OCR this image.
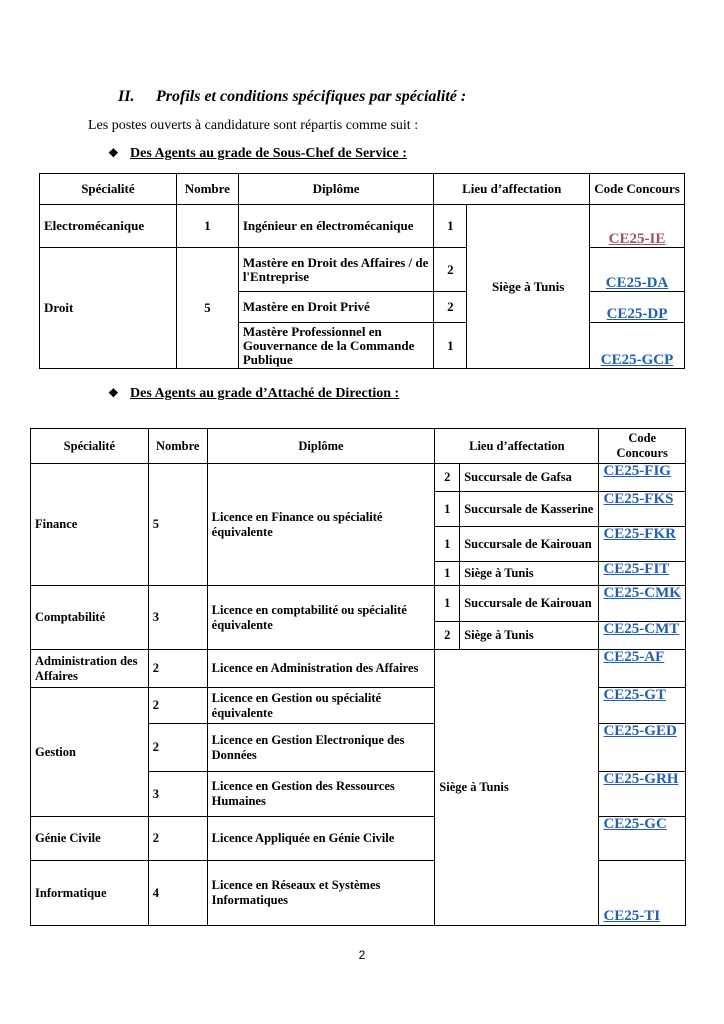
II. Profils et conditions spécifiques par spécialité :
Les postes ouverts à candidature sont répartis comme suit :
❖ Des Agents au grade de Sous-Chef de Service :
Spécialité	Nombre	Diplôme	Lieu d’affectation		Code Concours
Electromécanique	1	Ingénieur en électromécanique	1	Siège à Tunis	CE25-IE
Droit	5	Mastère en Droit des Affaires / de l'Entreprise	2		CE25-DA
		Mastère en Droit Privé	2		CE25-DP
		Mastère Professionnel en Gouvernance de la Commande Publique	1		CE25-GCP
❖ Des Agents au grade d’Attaché de Direction :
Spécialité	Nombre	Diplôme	Lieu d’affectation		Code Concours
Finance	5	Licence en Finance ou spécialité équivalente	2	Succursale de Gafsa	CE25-FIG
			1	Succursale de Kasserine	CE25-FKS
			1	Succursale de Kairouan	CE25-FKR
			1	Siège à Tunis	CE25-FIT
Comptabilité	3	Licence en comptabilité ou spécialité équivalente	1	Succursale de Kairouan	CE25-CMK
			2	Siège à Tunis	CE25-CMT
Administration des Affaires	2	Licence en Administration des Affaires	Siège à Tunis		CE25-AF
Gestion	2	Licence en Gestion ou spécialité équivalente			CE25-GT
	2	Licence en Gestion Electronique des Données			CE25-GED
	3	Licence en Gestion des Ressources Humaines			CE25-GRH
Génie Civile	2	Licence Appliquée en Génie Civile			CE25-GC
Informatique	4	Licence en Réseaux et Systèmes Informatiques			CE25-TI
2
